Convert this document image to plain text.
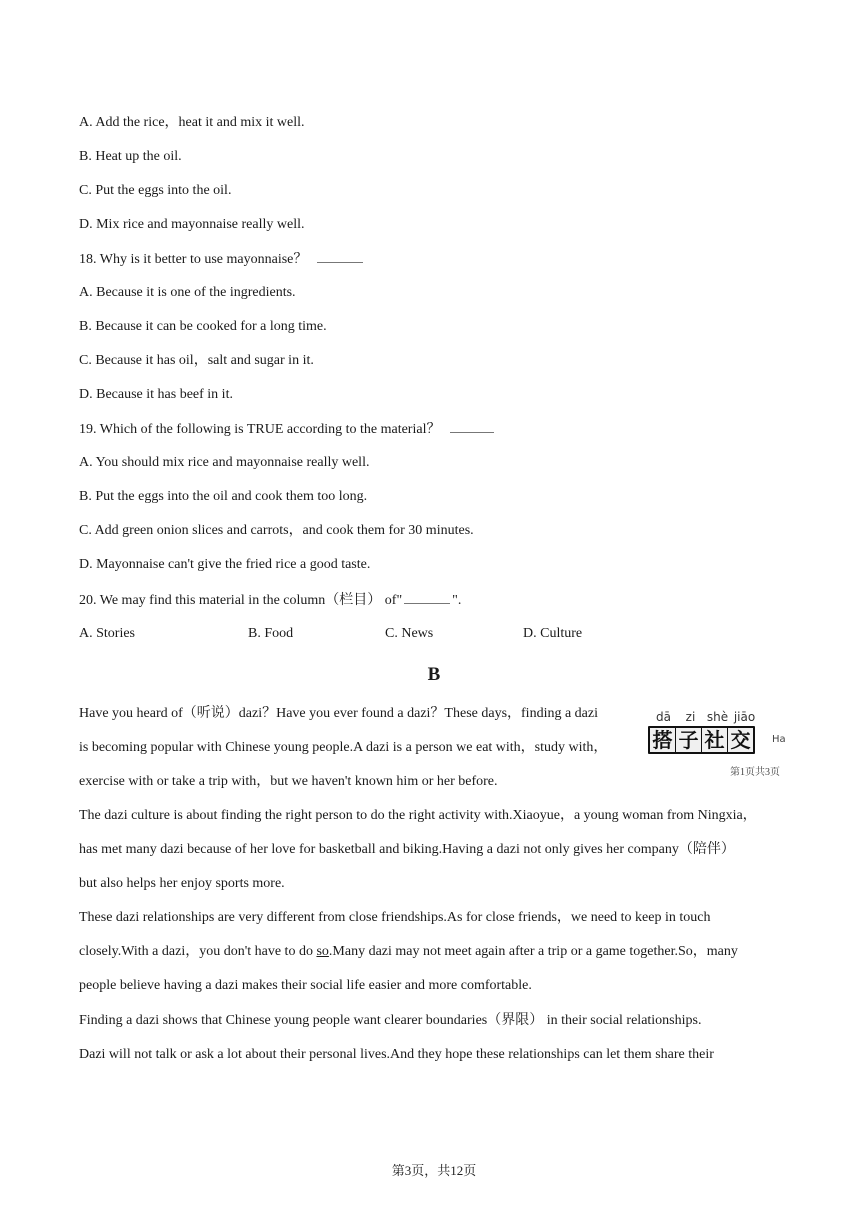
A. Add the rice，heat it and mix it well.
B. Heat up the oil.
C. Put the eggs into the oil.
D. Mix rice and mayonnaise really well.
18. Why is it better to use mayonnaise？
A. Because it is one of the ingredients.
B. Because it can be cooked for a long time.
C. Because it has oil，salt and sugar in it.
D. Because it has beef in it.
19. Which of the following is TRUE according to the material？
A. You should mix rice and mayonnaise really well.
B. Put the eggs into the oil and cook them too long.
C. Add green onion slices and carrots，and cook them for 30 minutes.
D. Mayonnaise can't give the fried rice a good taste.
20. We may find this material in the column（栏目） of"	".
A. Stories	B. Food	C. News	D. Culture
B
Have you heard of（听说）dazi？Have you ever found a dazi？These days，finding a dazi
is becoming popular with Chinese young people.A dazi is a person we eat with，study with，
exercise with or take a trip with，but we haven't known him or her before.
dā zi shè jiāo
搭 子 社 交 Ha
第1页共3页
The dazi culture is about finding the right person to do the right activity with.Xiaoyue，a young woman from Ningxia，
has met many dazi because of her love for basketball and biking.Having a dazi not only gives her company（陪伴）
but also helps her enjoy sports more.
These dazi relationships are very different from close friendships.As for close friends，we need to keep in touch
closely.With a dazi，you don't have to do so.Many dazi may not meet again after a trip or a game together.So，many
people believe having a dazi makes their social life easier and more comfortable.
Finding a dazi shows that Chinese young people want clearer boundaries（界限） in their social relationships.
Dazi will not talk or ask a lot about their personal lives.And they hope these relationships can let them share their
第3页，共12页
